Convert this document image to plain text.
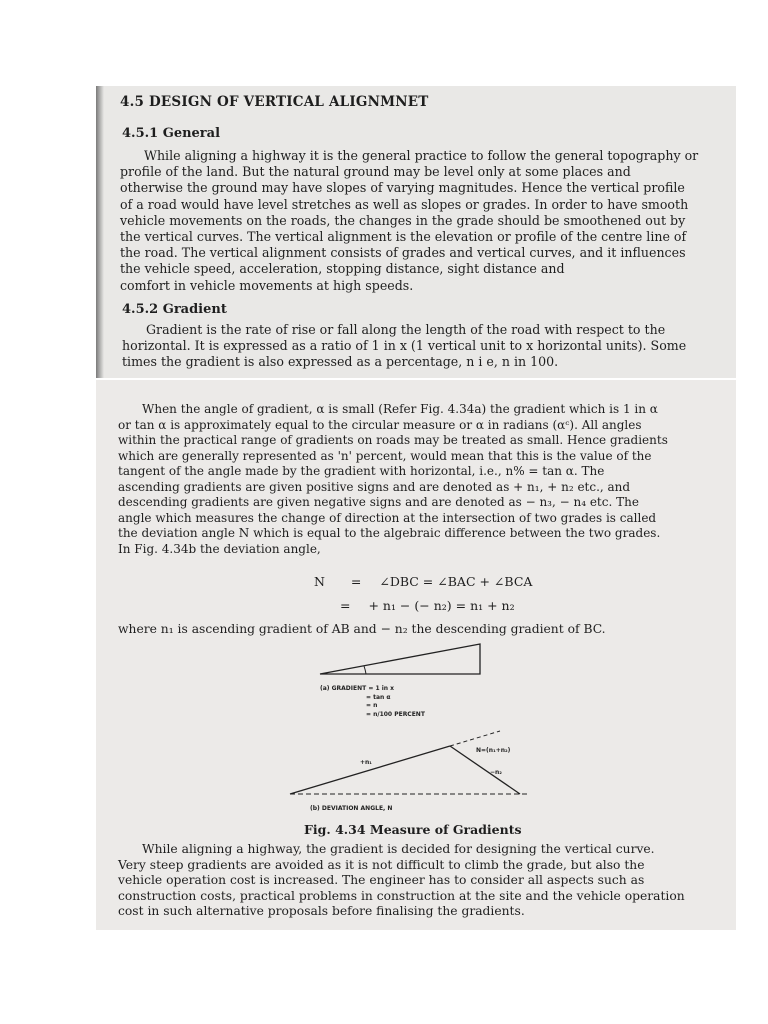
4.5 DESIGN OF VERTICAL ALIGNMNET
4.5.1 General
While aligning a highway it is the general practice to follow the general topography or
profile of the land. But the natural ground may be level only at some places and
otherwise the ground may have slopes of varying magnitudes. Hence the vertical profile
of a road would have level stretches as well as slopes or grades. In order to have smooth
vehicle movements on the roads, the changes in the grade should be smoothened out by
the vertical curves. The vertical alignment is the elevation or profile of the centre line of
the road. The vertical alignment consists of grades and vertical curves, and it influences
the vehicle speed, acceleration, stopping distance, sight distance and
comfort in vehicle movements at high speeds.
4.5.2 Gradient
Gradient is the rate of rise or fall along the length of the road with respect to the
horizontal. It is expressed as a ratio of 1 in x (1 vertical unit to x horizontal units). Some
times the gradient is also expressed as a percentage, n i e, n in 100.
When the angle of gradient, α is small (Refer Fig. 4.34a) the gradient which is 1 in α
or tan α is approximately equal to the circular measure or α in radians (αᶜ). All angles
within the practical range of gradients on roads may be treated as small. Hence gradients
which are generally represented as 'n' percent, would mean that this is the value of the
tangent of the angle made by the gradient with horizontal, i.e., n% = tan α. The
ascending gradients are given positive signs and are denoted as + n₁, + n₂ etc., and
descending gradients are given negative signs and are denoted as − n₃, − n₄ etc. The
angle which measures the change of direction at the intersection of two grades is called
the deviation angle N which is equal to the algebraic difference between the two grades.
In Fig. 4.34b the deviation angle,
N = ∠DBC = ∠BAC + ∠BCA
= + n₁ − (− n₂) = n₁ + n₂
where n₁ is ascending gradient of AB and − n₂ the descending gradient of BC.
(a) GRADIENT = 1 in x
= tan α
= n
= n/100 PERCENT
N=(n₁+n₂)
+n₁
−n₂
(b) DEVIATION ANGLE, N
Fig. 4.34 Measure of Gradients
While aligning a highway, the gradient is decided for designing the vertical curve.
Very steep gradients are avoided as it is not difficult to climb the grade, but also the
vehicle operation cost is increased. The engineer has to consider all aspects such as
construction costs, practical problems in construction at the site and the vehicle operation
cost in such alternative proposals before finalising the gradients.
